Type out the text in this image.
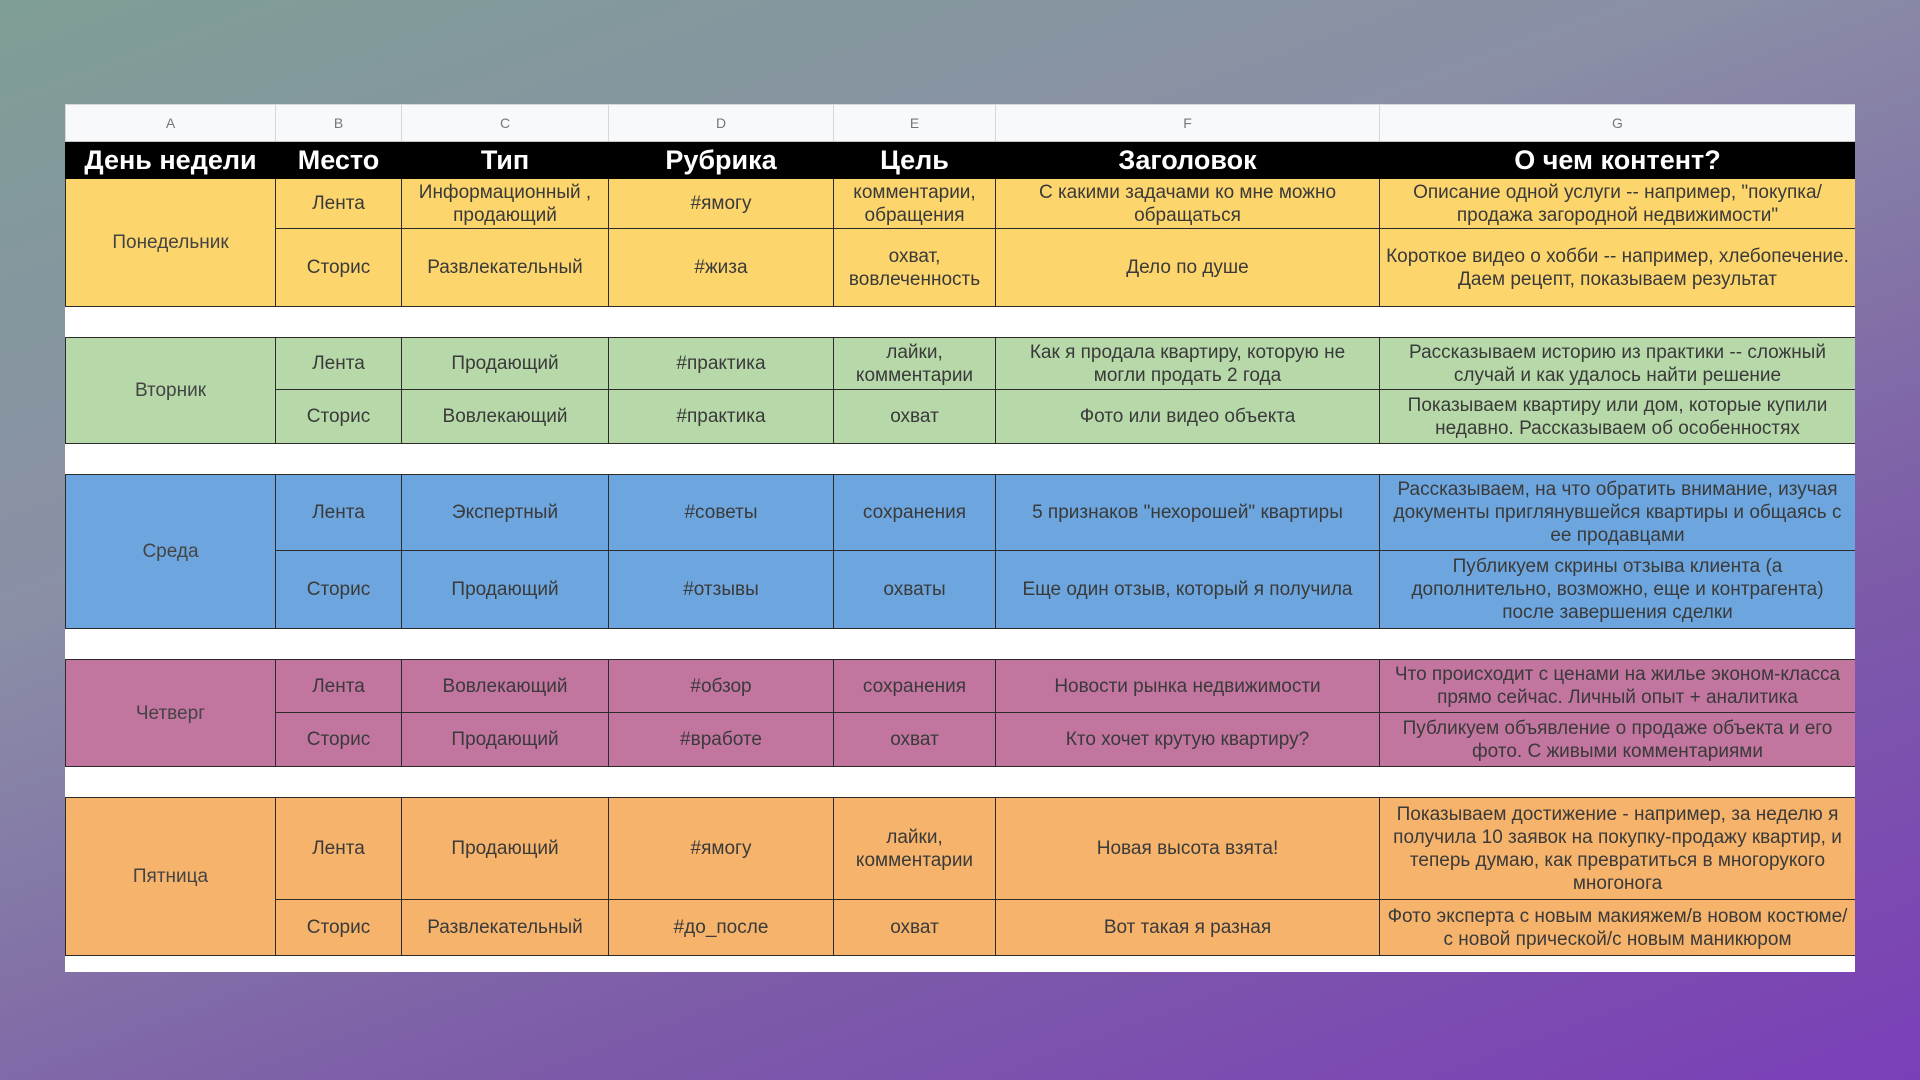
A	B	C	D	E	F	G
День недели	Место	Тип	Рубрика	Цель	Заголовок	О чем контент?
Понедельник	Лента	Информационный , продающий	#ямогу	комментарии, обращения	С какими задачами ко мне можно обращаться	Описание одной услуги -- например, "покупка/продажа загородной недвижимости"
	Сторис	Развлекательный	#жиза	охват, вовлеченность	Дело по душе	Короткое видео о хобби -- например, хлебопечение. Даем рецепт, показываем результат

Вторник	Лента	Продающий	#практика	лайки, комментарии	Как я продала квартиру, которую не могли продать 2 года	Рассказываем историю из практики -- сложный случай и как удалось найти решение
	Сторис	Вовлекающий	#практика	охват	Фото или видео объекта	Показываем квартиру или дом, которые купили недавно. Рассказываем об особенностях

Среда	Лента	Экспертный	#советы	сохранения	5 признаков "нехорошей" квартиры	Рассказываем, на что обратить внимание, изучая документы приглянувшейся квартиры и общаясь с ее продавцами
	Сторис	Продающий	#отзывы	охваты	Еще один отзыв, который я получила	Публикуем скрины отзыва клиента (а дополнительно, возможно, еще и контрагента) после завершения сделки

Четверг	Лента	Вовлекающий	#обзор	сохранения	Новости рынка недвижимости	Что происходит с ценами на жилье эконом-класса прямо сейчас. Личный опыт + аналитика
	Сторис	Продающий	#вработе	охват	Кто хочет крутую квартиру?	Публикуем объявление о продаже объекта и его фото. С живыми комментариями

Пятница	Лента	Продающий	#ямогу	лайки, комментарии	Новая высота взята!	Показываем достижение - например, за неделю я получила 10 заявок на покупку-продажу квартир, и теперь думаю, как превратиться в многорукого многонога
	Сторис	Развлекательный	#до_после	охват	Вот такая я разная	Фото эксперта с новым макияжем/в новом костюме/с новой прической/с новым маникюром
